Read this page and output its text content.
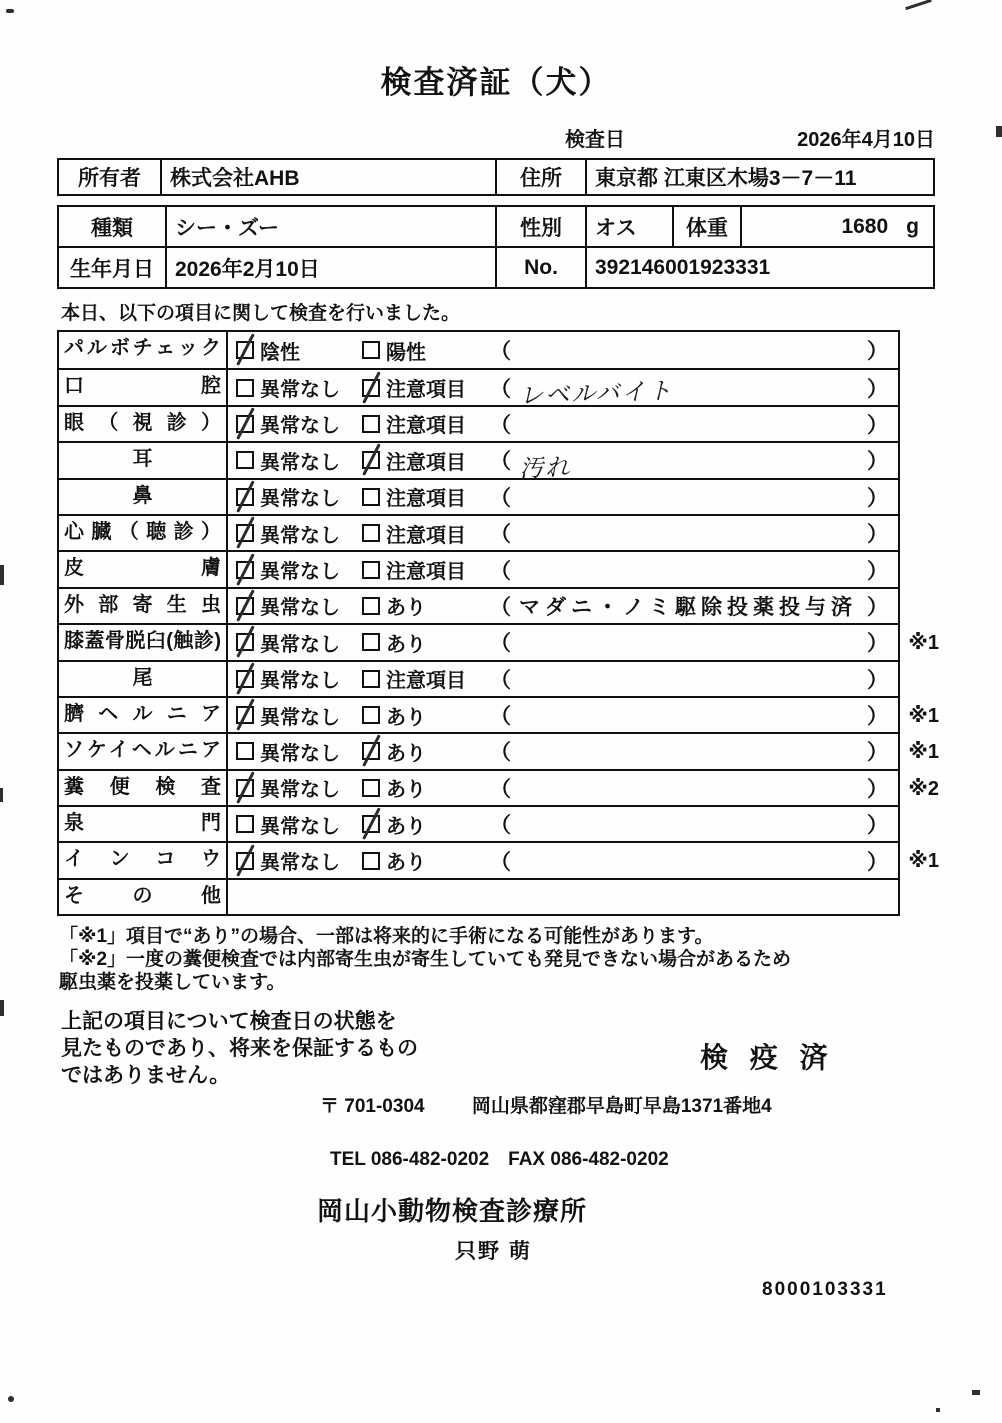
検査済証（犬）
検査日	2026年4月10日
所有者	株式会社AHB	住所	東京都 江東区木場3－7－11
種類	シー・ズー	性別	オス	体重	1680 g

生年月日	2026年2月10日	No.	392146001923331		
本日、以下の項目に関して検査を行いました。
パルボチェック	陰性	陽性	（	）
口腔	異常なし 注意項目 （ レベルバイト	）
眼（視診）	異常なし 注意項目 （	）
耳	異常なし 注意項目 （ 汚れ	）
鼻	異常なし 注意項目 （	）
心臓（聴診）	異常なし 注意項目 （	）
皮膚	異常なし 注意項目 （	）
外部寄生虫	異常なし あり	（ マダニ・ノミ駆除投薬投与済 ）
膝蓋骨脱臼(触診)	異常なし あり	（	） ※1
尾	異常なし 注意項目 （	）
臍ヘルニア	異常なし あり	（	） ※1
ソケイヘルニア	異常なし あり	（	） ※1
糞便検査	異常なし あり	（	） ※2
泉門	異常なし あり	（	）
インコウ	異常なし あり	（	） ※1
その他
「※1」項目で“あり”の場合、一部は将来的に手術になる可能性があります。
「※2」一度の糞便検査では内部寄生虫が寄生していても発見できない場合があるため
駆虫薬を投薬しています。
上記の項目について検査日の状態を
見たものであり、将来を保証するもの
ではありません。
検 疫 済
〒 701-0304 岡山県都窪郡早島町早島1371番地4
TEL 086-482-0202　FAX 086-482-0202
岡山小動物検査診療所
只野 萌
8000103331
